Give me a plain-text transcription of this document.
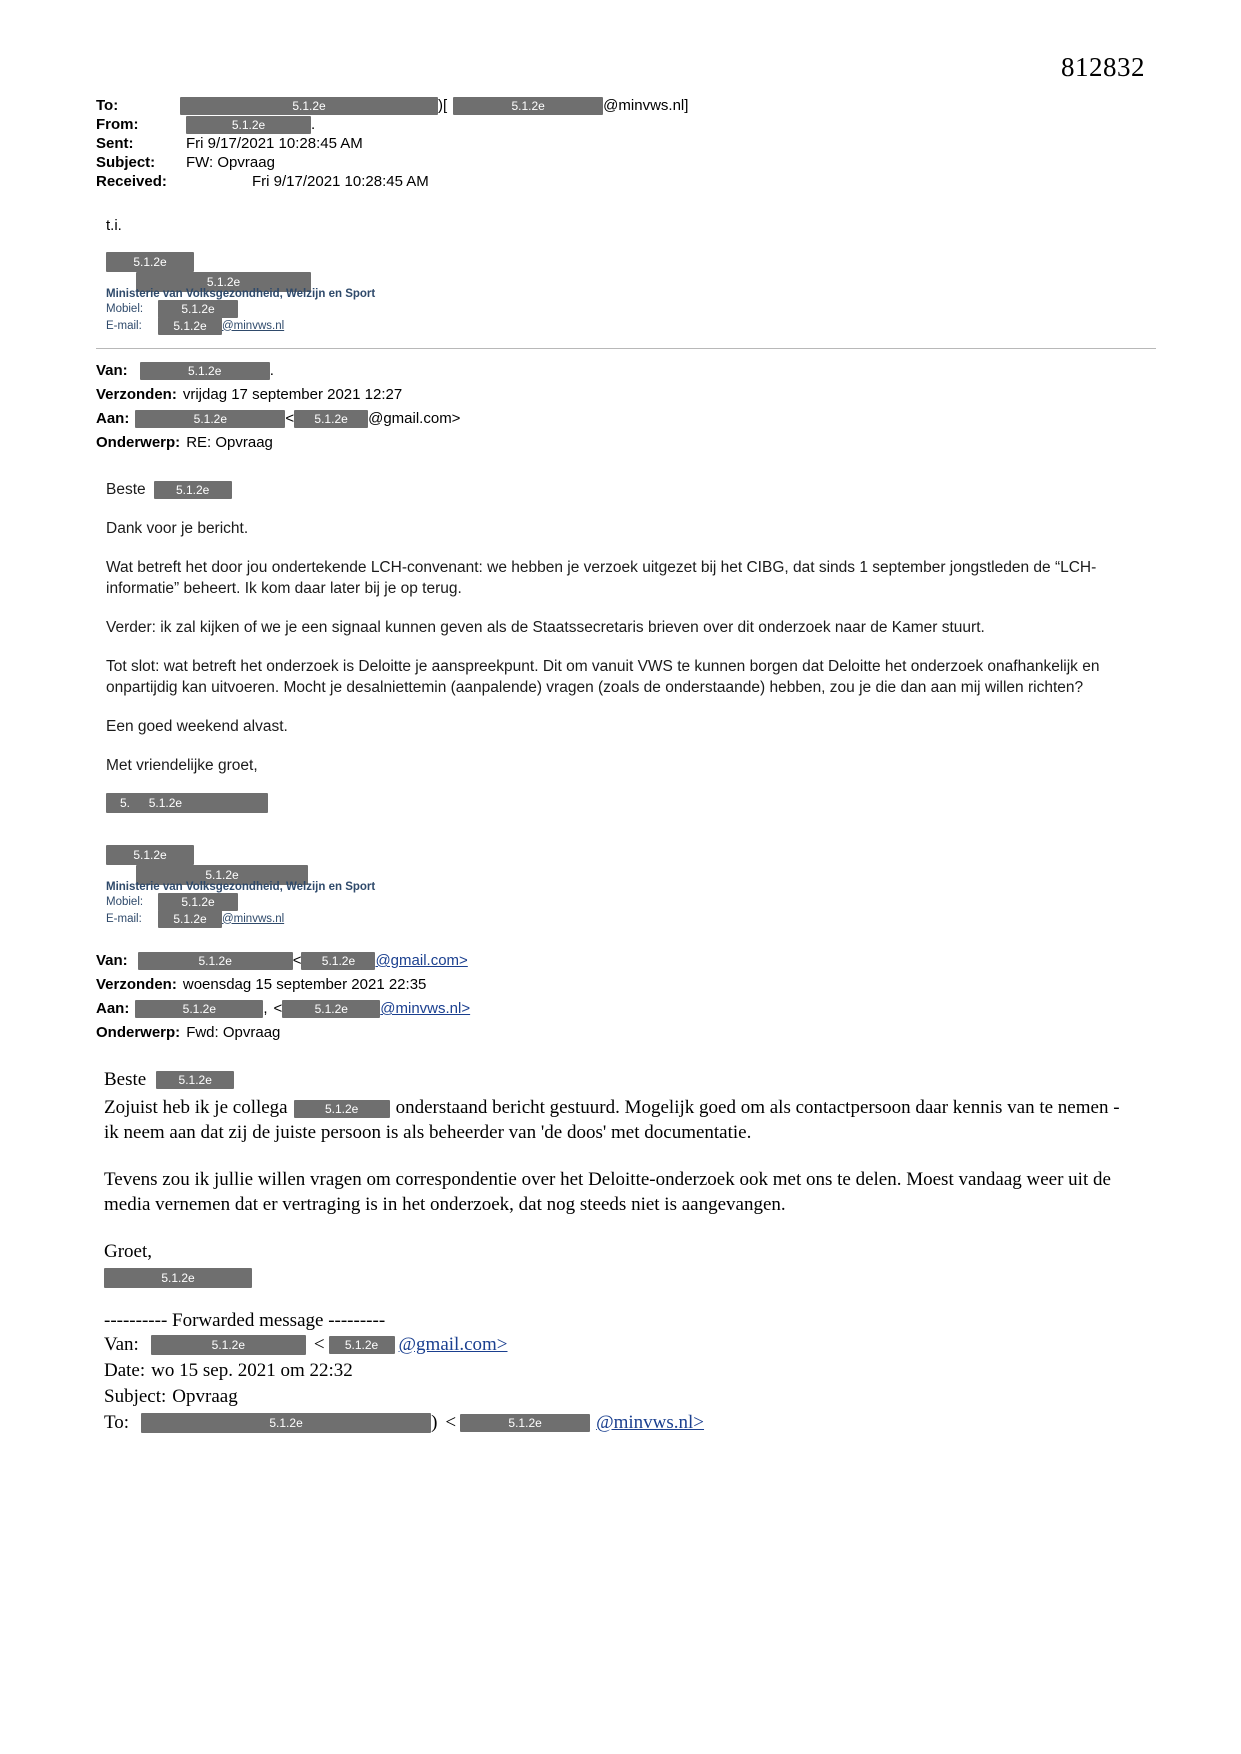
812832
To:	5.1.2e	)[	5.1.2e	@minvws.nl]
From:	5.1.2e	.
Sent:	Fri 9/17/2021 10:28:45 AM
Subject:	FW: Opvraag
Received:	Fri 9/17/2021 10:28:45 AM
t.i.
5.1.2e
5.1.2e
Ministerie van Volksgezondheid, Welzijn en Sport
Mobiel:	5.1.2e
E-mail:	5.1.2e	@minvws.nl
Van:	5.1.2e	.
Verzonden: vrijdag 17 september 2021 12:27
Aan:	5.1.2e	<	5.1.2e	@gmail.com>
Onderwerp: RE: Opvraag
Beste	5.1.2e
Dank voor je bericht.
Wat betreft het door jou ondertekende LCH-convenant: we hebben je verzoek uitgezet bij het CIBG, dat sinds 1 september jongstleden de “LCH-informatie” beheert. Ik kom daar later bij je op terug.
Verder: ik zal kijken of we je een signaal kunnen geven als de Staatssecretaris brieven over dit onderzoek naar de Kamer stuurt.
Tot slot: wat betreft het onderzoek is Deloitte je aanspreekpunt. Dit om vanuit VWS te kunnen borgen dat Deloitte het onderzoek onafhankelijk en onpartijdig kan uitvoeren. Mocht je desalniettemin (aanpalende) vragen (zoals de onderstaande) hebben, zou je die dan aan mij willen richten?
Een goed weekend alvast.
Met vriendelijke groet,
5. 5.1.2e
5.1.2e
5.1.2e
Ministerie van Volksgezondheid, Welzijn en Sport
Mobiel:	5.1.2e
E-mail:	5.1.2e	@minvws.nl
Van:	5.1.2e	<	5.1.2e	@gmail.com>
Verzonden: woensdag 15 september 2021 22:35
Aan:	5.1.2e	, <	5.1.2e	@minvws.nl>
Onderwerp: Fwd: Opvraag
Beste	5.1.2e
Zojuist heb ik je collega	5.1.2e onderstaand bericht gestuurd. Mogelijk goed om als contactpersoon daar kennis van te nemen - ik neem aan dat zij de juiste persoon is als beheerder van 'de doos' met documentatie.
Tevens zou ik jullie willen vragen om correspondentie over het Deloitte-onderzoek ook met ons te delen. Moest vandaag weer uit de media vernemen dat er vertraging is in het onderzoek, dat nog steeds niet is aangevangen.
Groet,
5.1.2e
---------- Forwarded message ---------
Van:	5.1.2e	<	5.1.2e	@gmail.com>
Date: wo 15 sep. 2021 om 22:32
Subject: Opvraag
To:	5.1.2e	) <	5.1.2e	@minvws.nl>
